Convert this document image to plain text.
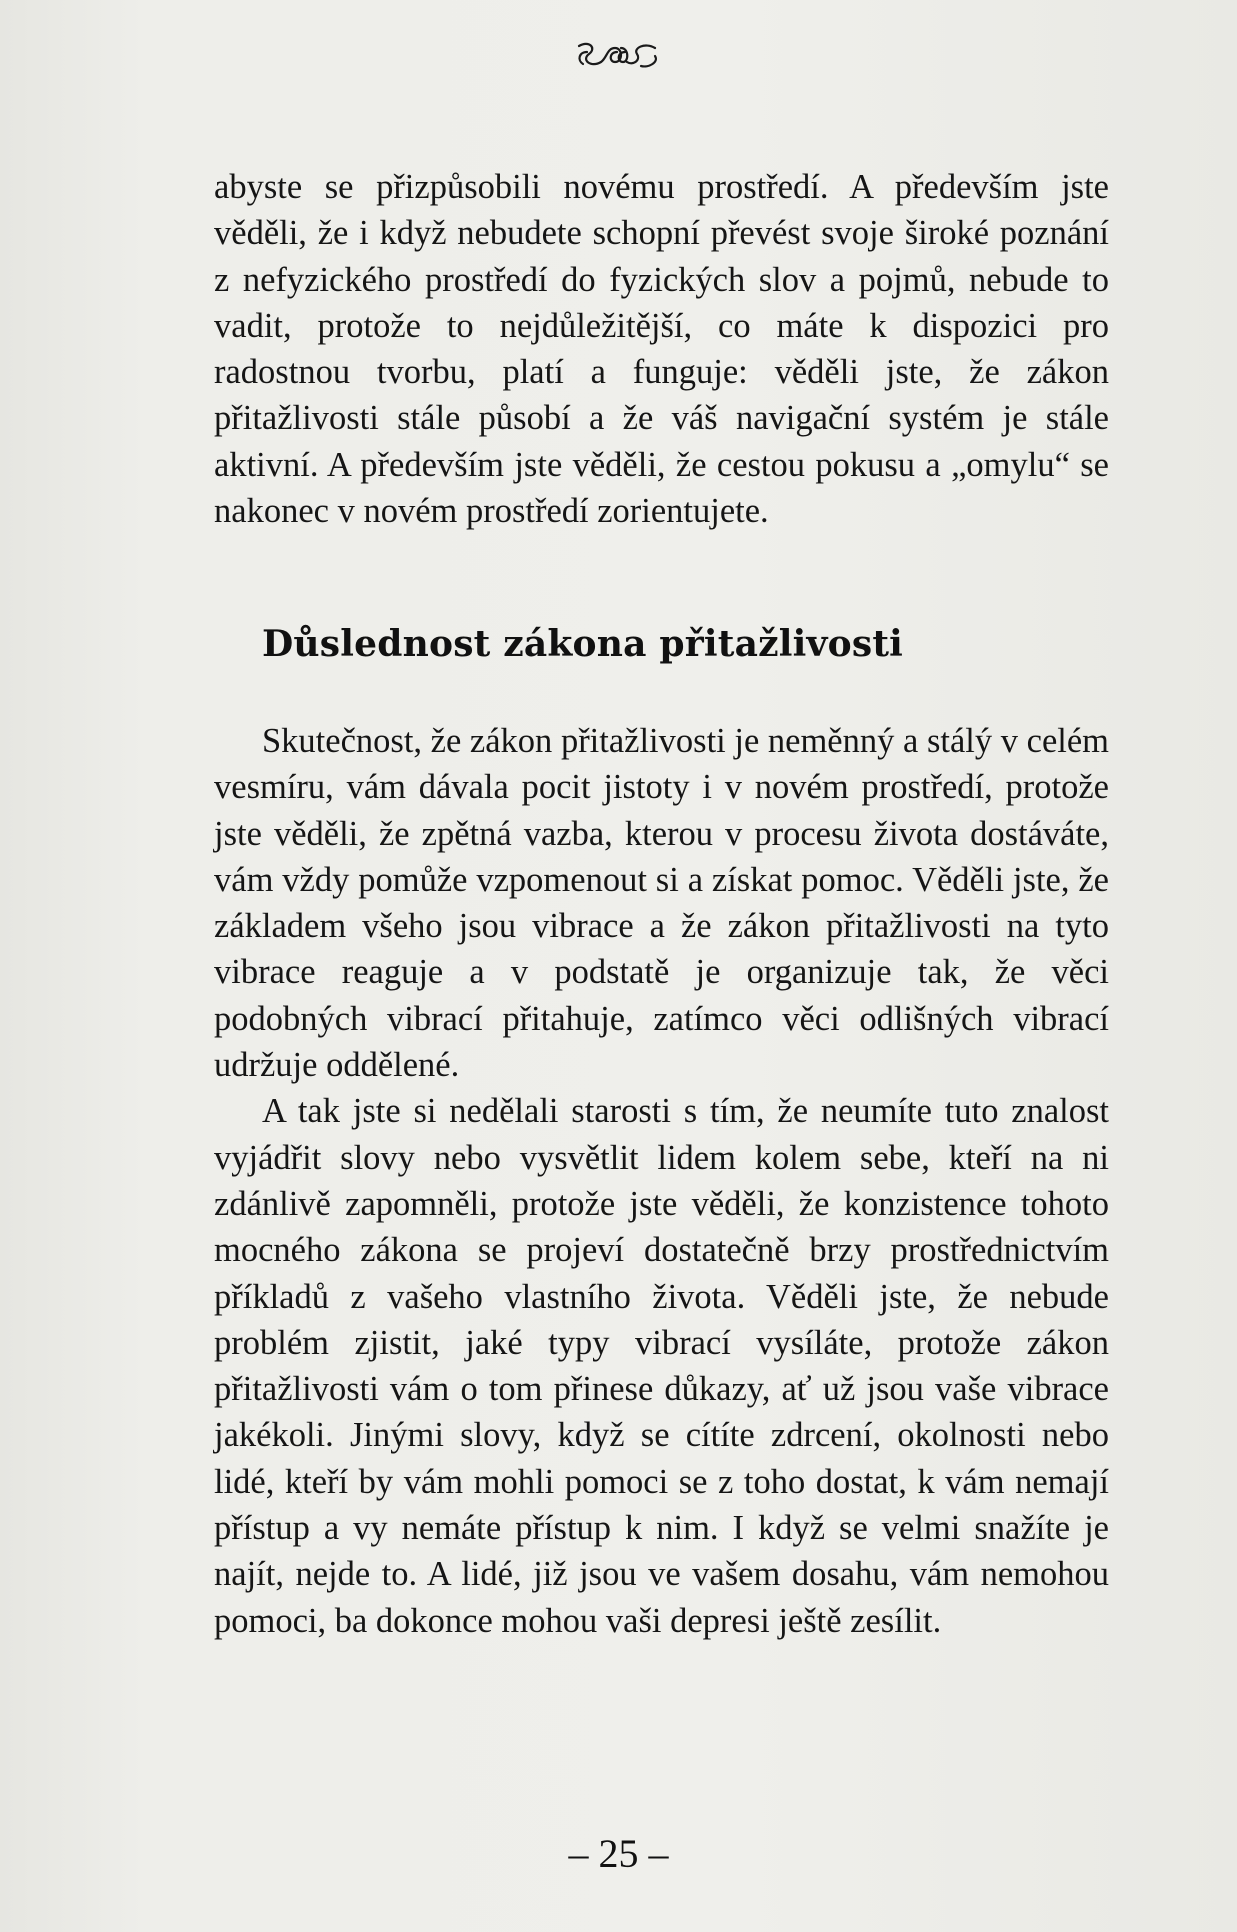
abyste se přizpůsobili novému prostředí. A především jste věděli, že i když nebudete schopní převést svoje široké poznání z nefyzického prostředí do fyzických slov a pojmů, nebude to vadit, protože to nejdůležitější, co máte k dispozici pro radostnou tvorbu, platí a funguje: věděli jste, že zákon přitažlivosti stále působí a že váš navigační systém je stále aktivní. A především jste věděli, že cestou pokusu a „omylu“ se nakonec v novém prostředí zorientujete.

Důslednost zákona přitažlivosti

Skutečnost, že zákon přitažlivosti je neměnný a stálý v celém vesmíru, vám dávala pocit jistoty i v novém prostředí, protože jste věděli, že zpětná vazba, kterou v procesu života dostáváte, vám vždy pomůže vzpomenout si a získat pomoc. Věděli jste, že základem všeho jsou vibrace a že zákon přitažlivosti na tyto vibrace reaguje a v podstatě je organizuje tak, že věci podobných vibrací přitahuje, zatímco věci odlišných vibrací udržuje oddělené.

A tak jste si nedělali starosti s tím, že neumíte tuto znalost vyjádřit slovy nebo vysvětlit lidem kolem sebe, kteří na ni zdánlivě zapomněli, protože jste věděli, že konzistence tohoto mocného zákona se projeví dostatečně brzy prostřednictvím příkladů z vašeho vlastního života. Věděli jste, že nebude problém zjistit, jaké typy vibrací vysíláte, protože zákon přitažlivosti vám o tom přinese důkazy, ať už jsou vaše vibrace jakékoli. Jinými slovy, když se cítíte zdrcení, okolnosti nebo lidé, kteří by vám mohli pomoci se z toho dostat, k vám nemají přístup a vy nemáte přístup k nim. I když se velmi snažíte je najít, nejde to. A lidé, již jsou ve vašem dosahu, vám nemohou pomoci, ba dokonce mohou vaši depresi ještě zesílit.

– 25 –
